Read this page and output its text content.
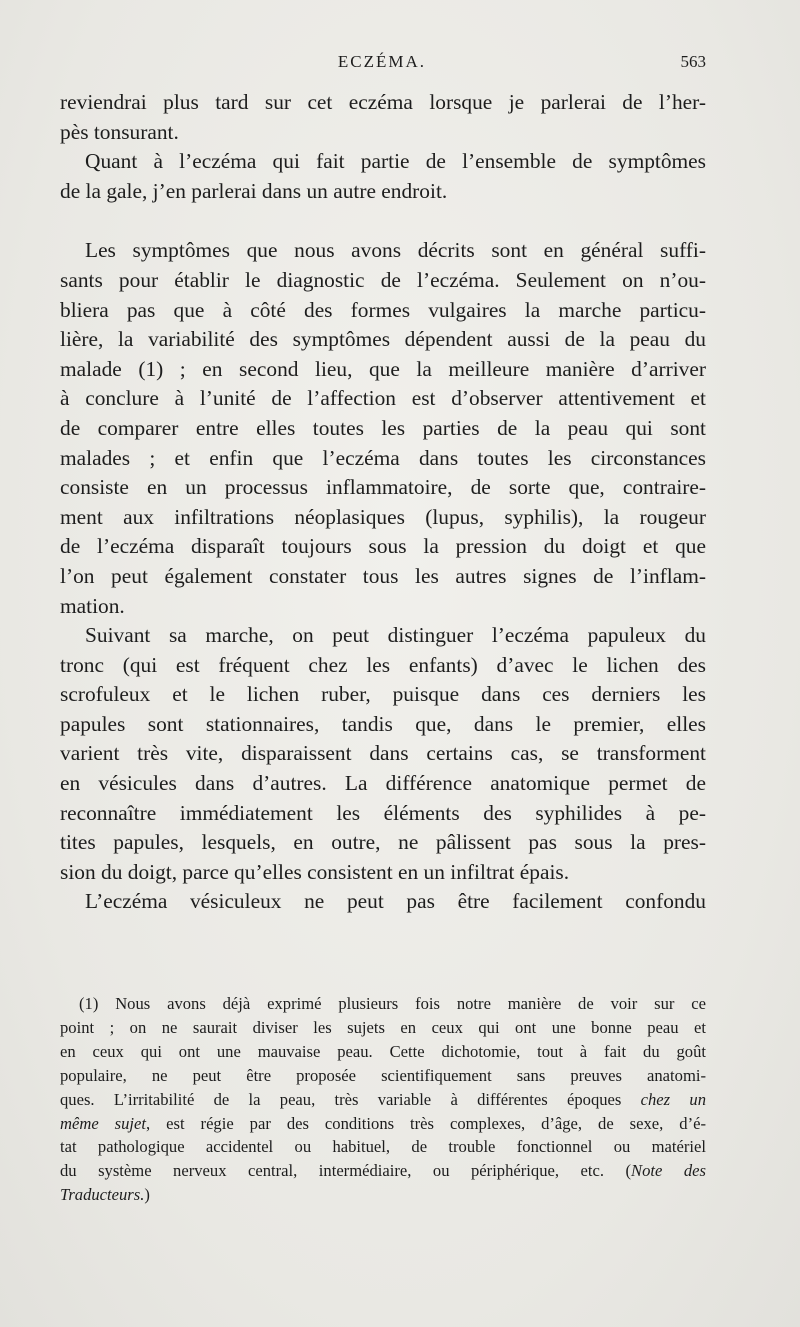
ECZÉMA.	563
reviendrai plus tard sur cet eczéma lorsque je parlerai de l’her-
pès tonsurant.
Quant à l’eczéma qui fait partie de l’ensemble de symptômes
de la gale, j’en parlerai dans un autre endroit.
Les symptômes que nous avons décrits sont en général suffi-
sants pour établir le diagnostic de l’eczéma. Seulement on n’ou-
bliera pas que à côté des formes vulgaires la marche particu-
lière, la variabilité des symptômes dépendent aussi de la peau du
malade (1) ; en second lieu, que la meilleure manière d’arriver
à conclure à l’unité de l’affection est d’observer attentivement et
de comparer entre elles toutes les parties de la peau qui sont
malades ; et enfin que l’eczéma dans toutes les circonstances
consiste en un processus inflammatoire, de sorte que, contraire-
ment aux infiltrations néoplasiques (lupus, syphilis), la rougeur
de l’eczéma disparaît toujours sous la pression du doigt et que
l’on peut également constater tous les autres signes de l’inflam-
mation.
Suivant sa marche, on peut distinguer l’eczéma papuleux du
tronc (qui est fréquent chez les enfants) d’avec le lichen des
scrofuleux et le lichen ruber, puisque dans ces derniers les
papules sont stationnaires, tandis que, dans le premier, elles
varient très vite, disparaissent dans certains cas, se transforment
en vésicules dans d’autres. La différence anatomique permet de
reconnaître immédiatement les éléments des syphilides à pe-
tites papules, lesquels, en outre, ne pâlissent pas sous la pres-
sion du doigt, parce qu’elles consistent en un infiltrat épais.
L’eczéma vésiculeux ne peut pas être facilement confondu
(1) Nous avons déjà exprimé plusieurs fois notre manière de voir sur ce
point ; on ne saurait diviser les sujets en ceux qui ont une bonne peau et
en ceux qui ont une mauvaise peau. Cette dichotomie, tout à fait du goût
populaire, ne peut être proposée scientifiquement sans preuves anatomi-
ques. L’irritabilité de la peau, très variable à différentes époques chez un
même sujet, est régie par des conditions très complexes, d’âge, de sexe, d’é-
tat pathologique accidentel ou habituel, de trouble fonctionnel ou matériel
du système nerveux central, intermédiaire, ou périphérique, etc. (Note des
Traducteurs.)
